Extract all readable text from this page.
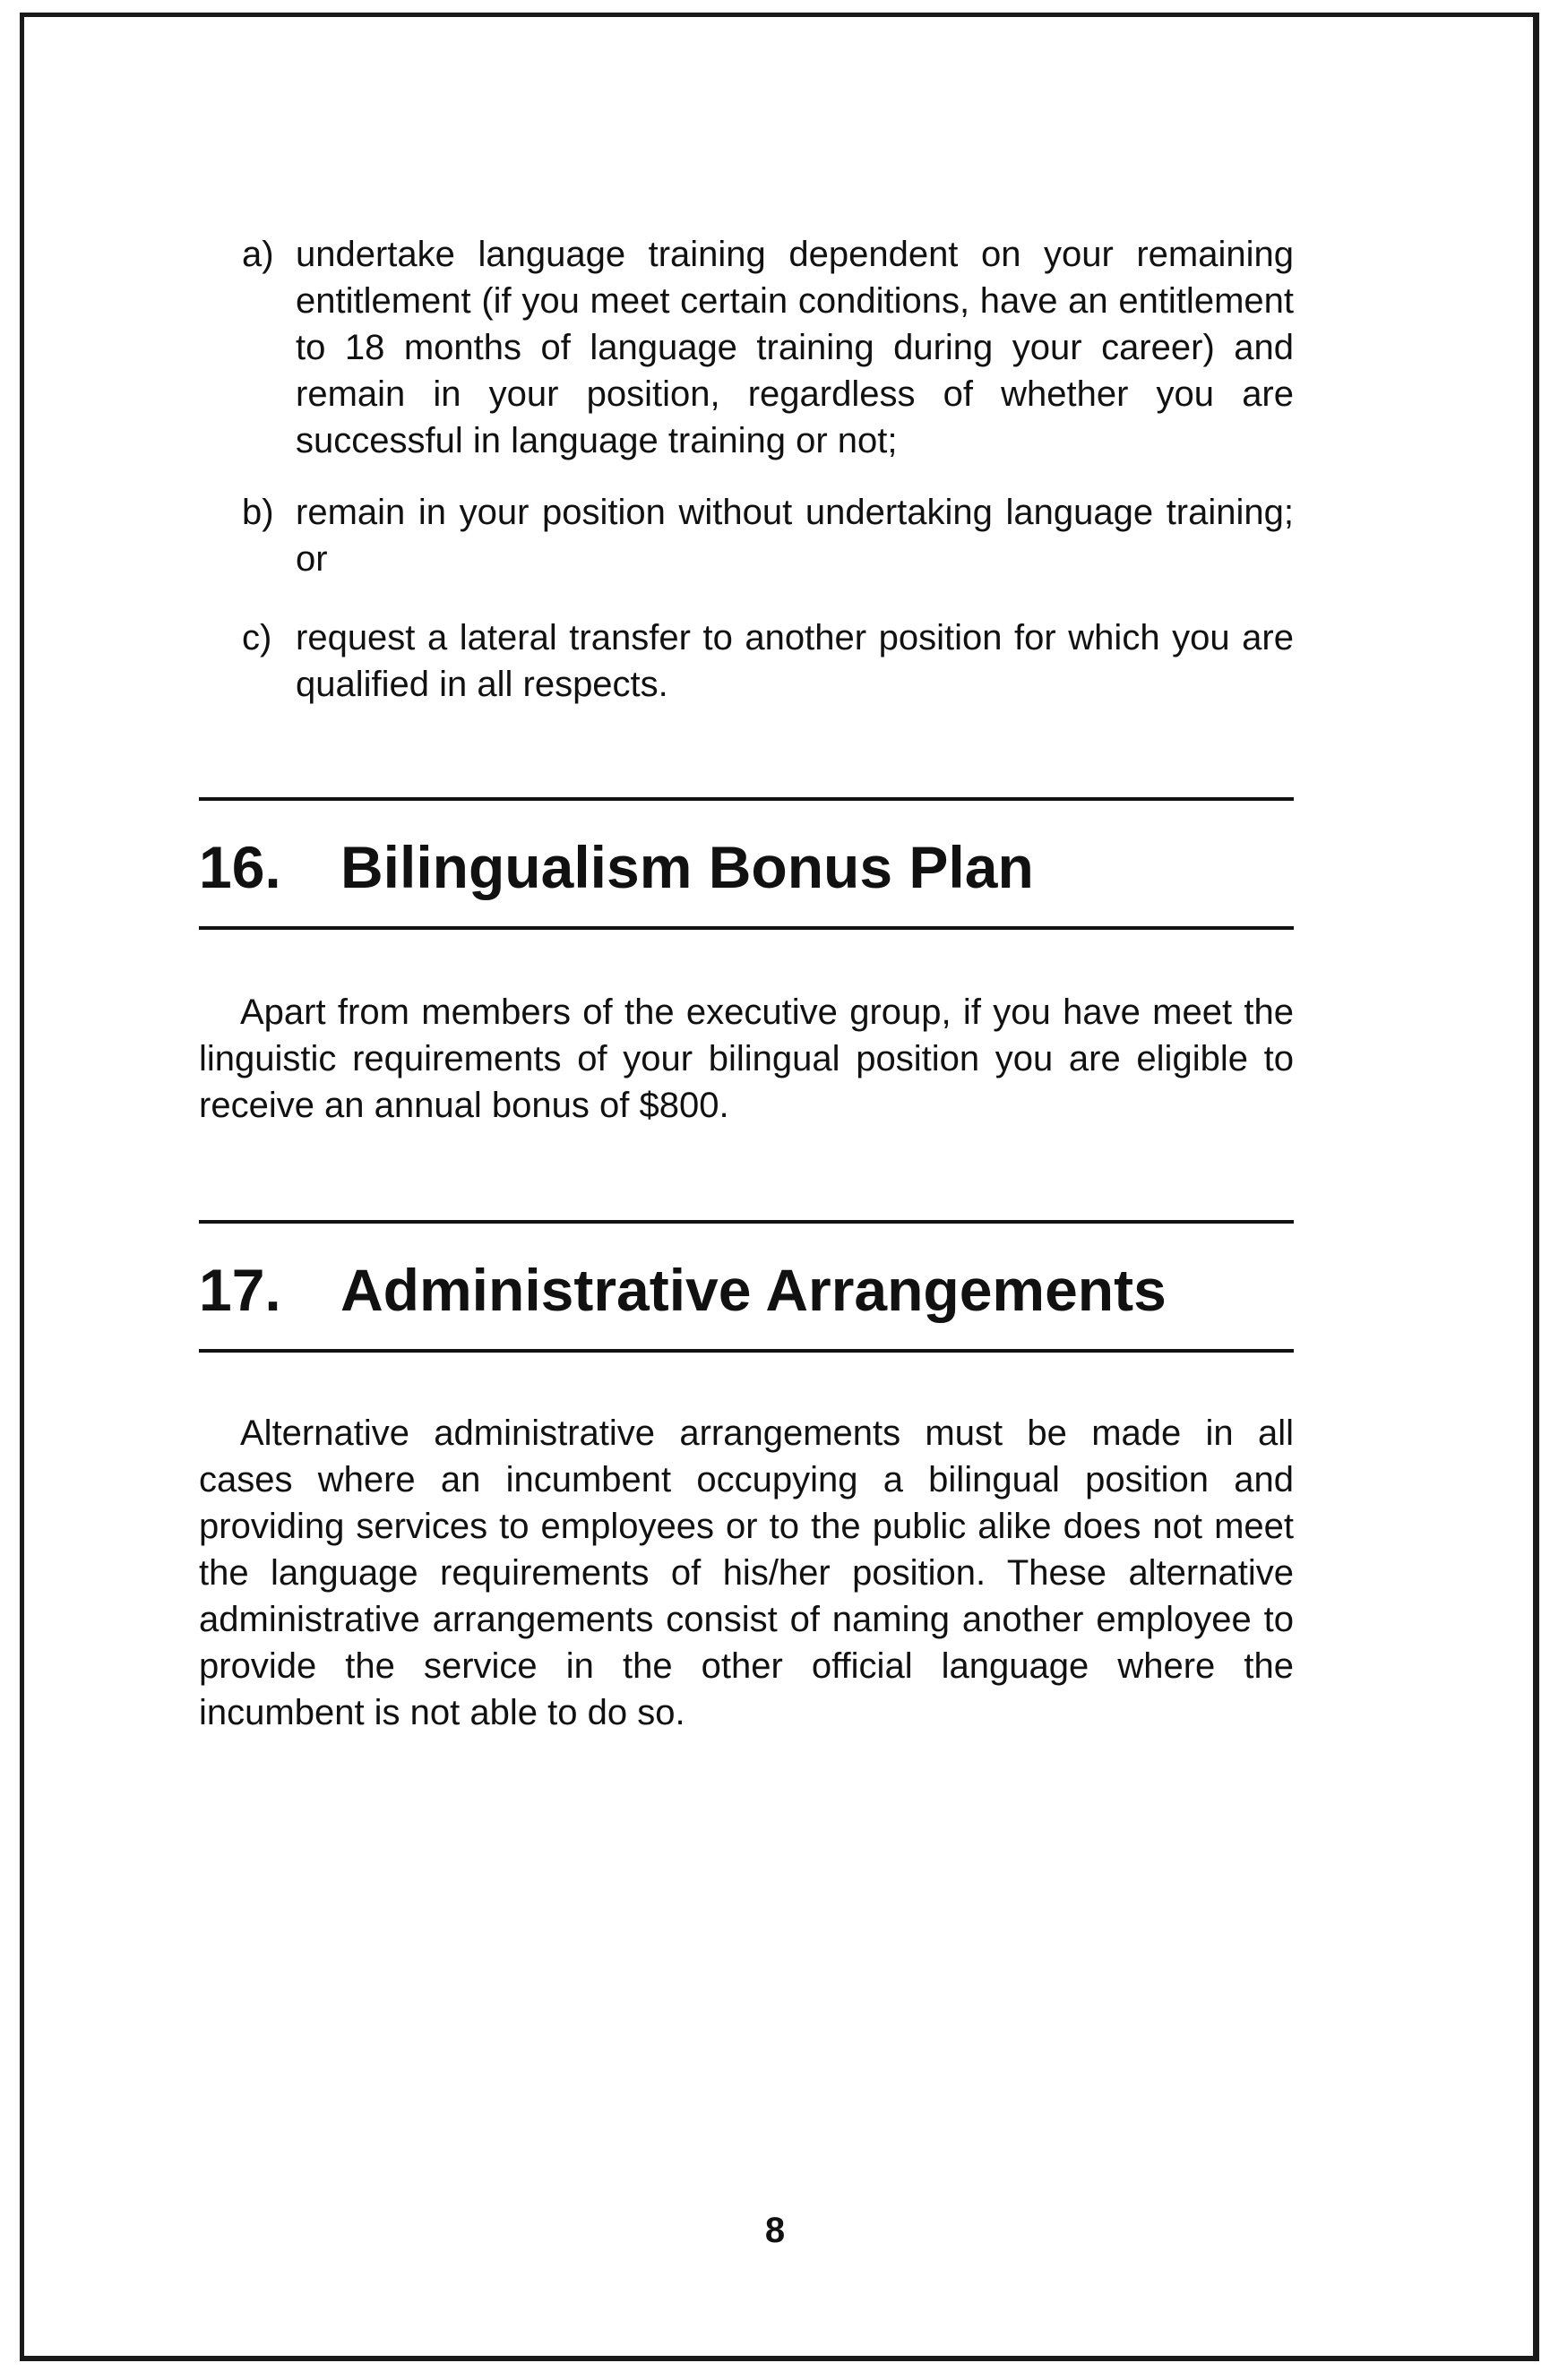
a) undertake language training dependent on your remaining entitlement (if you meet certain conditions, have an entitlement to 18 months of language training during your career) and remain in your position, regardless of whether you are successful in language training or not;
b) remain in your position without undertaking language training; or
c) request a lateral transfer to another position for which you are qualified in all respects.
16. Bilingualism Bonus Plan
Apart from members of the executive group, if you have meet the linguistic requirements of your bilingual position you are eligible to receive an annual bonus of $800.
17. Administrative Arrangements
Alternative administrative arrangements must be made in all cases where an incumbent occupying a bilingual position and providing services to employees or to the public alike does not meet the language requirements of his/her position. These alternative administrative arrangements consist of naming another employee to provide the service in the other official language where the incumbent is not able to do so.
8
